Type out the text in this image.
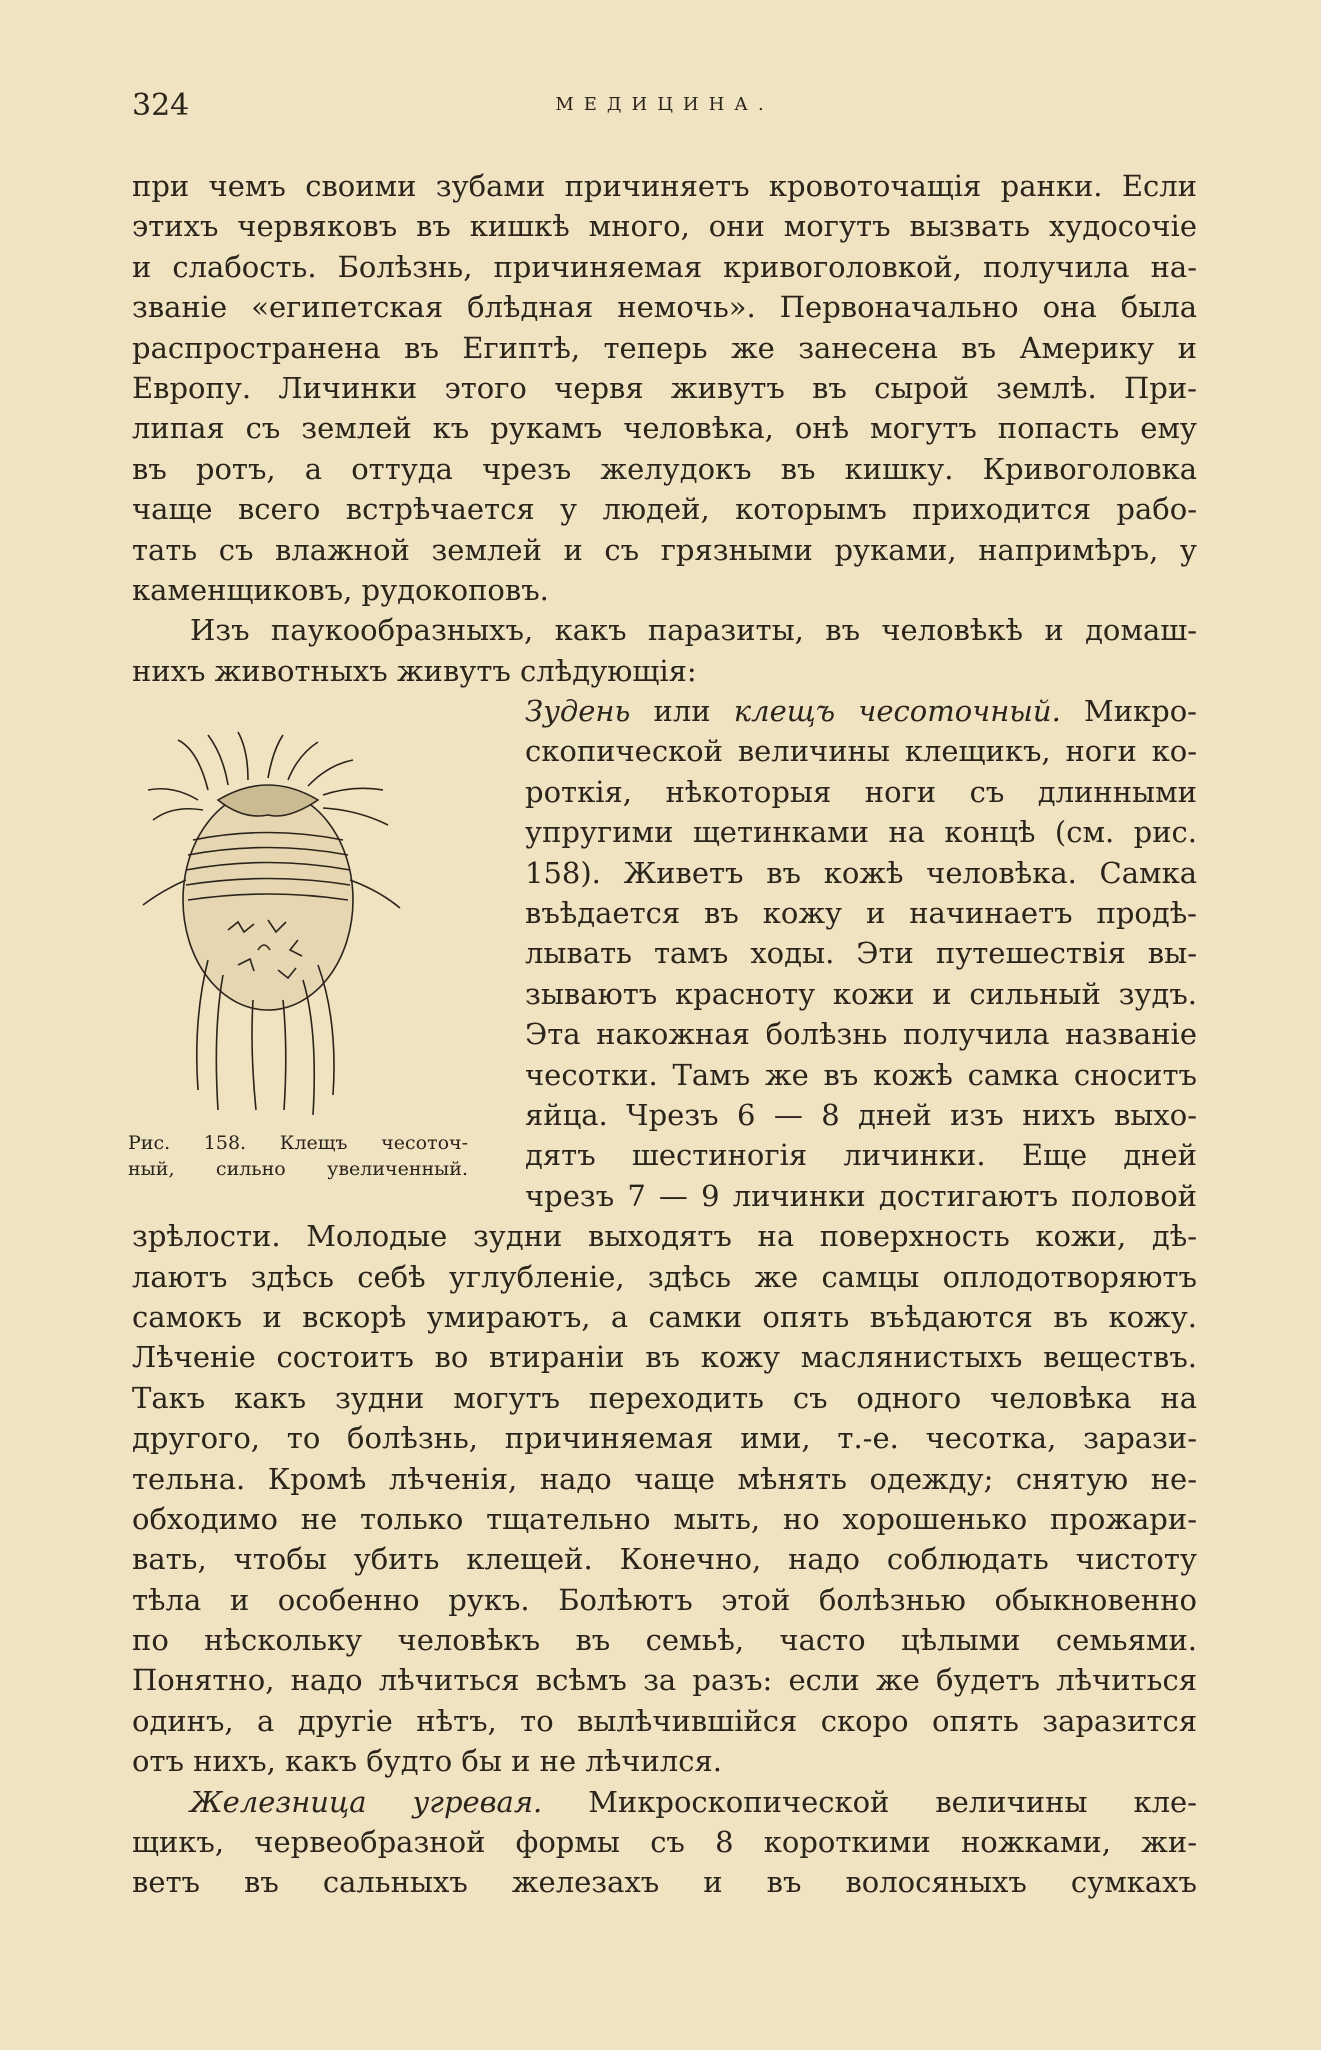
324	МЕДИЦИНА.
при чемъ своими зубами причиняетъ кровоточащія ранки. Если
этихъ червяковъ въ кишкѣ много, они могутъ вызвать худосочіе
и слабость. Болѣзнь, причиняемая кривоголовкой, получила на-
званіе «египетская блѣдная немочь». Первоначально она была
распространена въ Египтѣ, теперь же занесена въ Америку и
Европу. Личинки этого червя живутъ въ сырой землѣ. При-
липая съ землей къ рукамъ человѣка, онѣ могутъ попасть ему
въ ротъ, а оттуда чрезъ желудокъ въ кишку. Кривоголовка
чаще всего встрѣчается у людей, которымъ приходится рабо-
тать съ влажной землей и съ грязными руками, напримѣръ, у
каменщиковъ, рудокоповъ.
Изъ паукообразныхъ, какъ паразиты, въ человѣкѣ и домаш-
нихъ животныхъ живутъ слѣдующія:
Зудень или клещъ чесоточный. Микро-
скопической величины клещикъ, ноги ко-
роткія, нѣкоторыя ноги съ длинными
упругими щетинками на концѣ (см. рис.
158). Живетъ въ кожѣ человѣка. Самка
въѣдается въ кожу и начинаетъ продѣ-
лывать тамъ ходы. Эти путешествія вы-
зываютъ красноту кожи и сильный зудъ.
Эта накожная болѣзнь получила названіе
чесотки. Тамъ же въ кожѣ самка сноситъ
яйца. Чрезъ 6 — 8 дней изъ нихъ выхо-
дятъ шестиногія личинки. Еще дней
чрезъ 7 — 9 личинки достигаютъ половой
зрѣлости. Молодые зудни выходятъ на поверхность кожи, дѣ-
лаютъ здѣсь себѣ углубленіе, здѣсь же самцы оплодотворяютъ
самокъ и вскорѣ умираютъ, а самки опять въѣдаются въ кожу.
Лѣченіе состоитъ во втираніи въ кожу маслянистыхъ веществъ.
Такъ какъ зудни могутъ переходить съ одного человѣка на
другого, то болѣзнь, причиняемая ими, т.-е. чесотка, зарази-
тельна. Кромѣ лѣченія, надо чаще мѣнять одежду; снятую не-
обходимо не только тщательно мыть, но хорошенько прожари-
вать, чтобы убить клещей. Конечно, надо соблюдать чистоту
тѣла и особенно рукъ. Болѣютъ этой болѣзнью обыкновенно
по нѣскольку человѣкъ въ семьѣ, часто цѣлыми семьями.
Понятно, надо лѣчиться всѣмъ за разъ: если же будетъ лѣчиться
одинъ, а другіе нѣтъ, то вылѣчившійся скоро опять заразится
отъ нихъ, какъ будто бы и не лѣчился.
Железница угревая. Микроскопической величины кле-
щикъ, червеобразной формы съ 8 короткими ножками, жи-
ветъ въ сальныхъ железахъ и въ волосяныхъ сумкахъ
Рис. 158. Клещъ чесоточ-
ный, сильно увеличенный.
